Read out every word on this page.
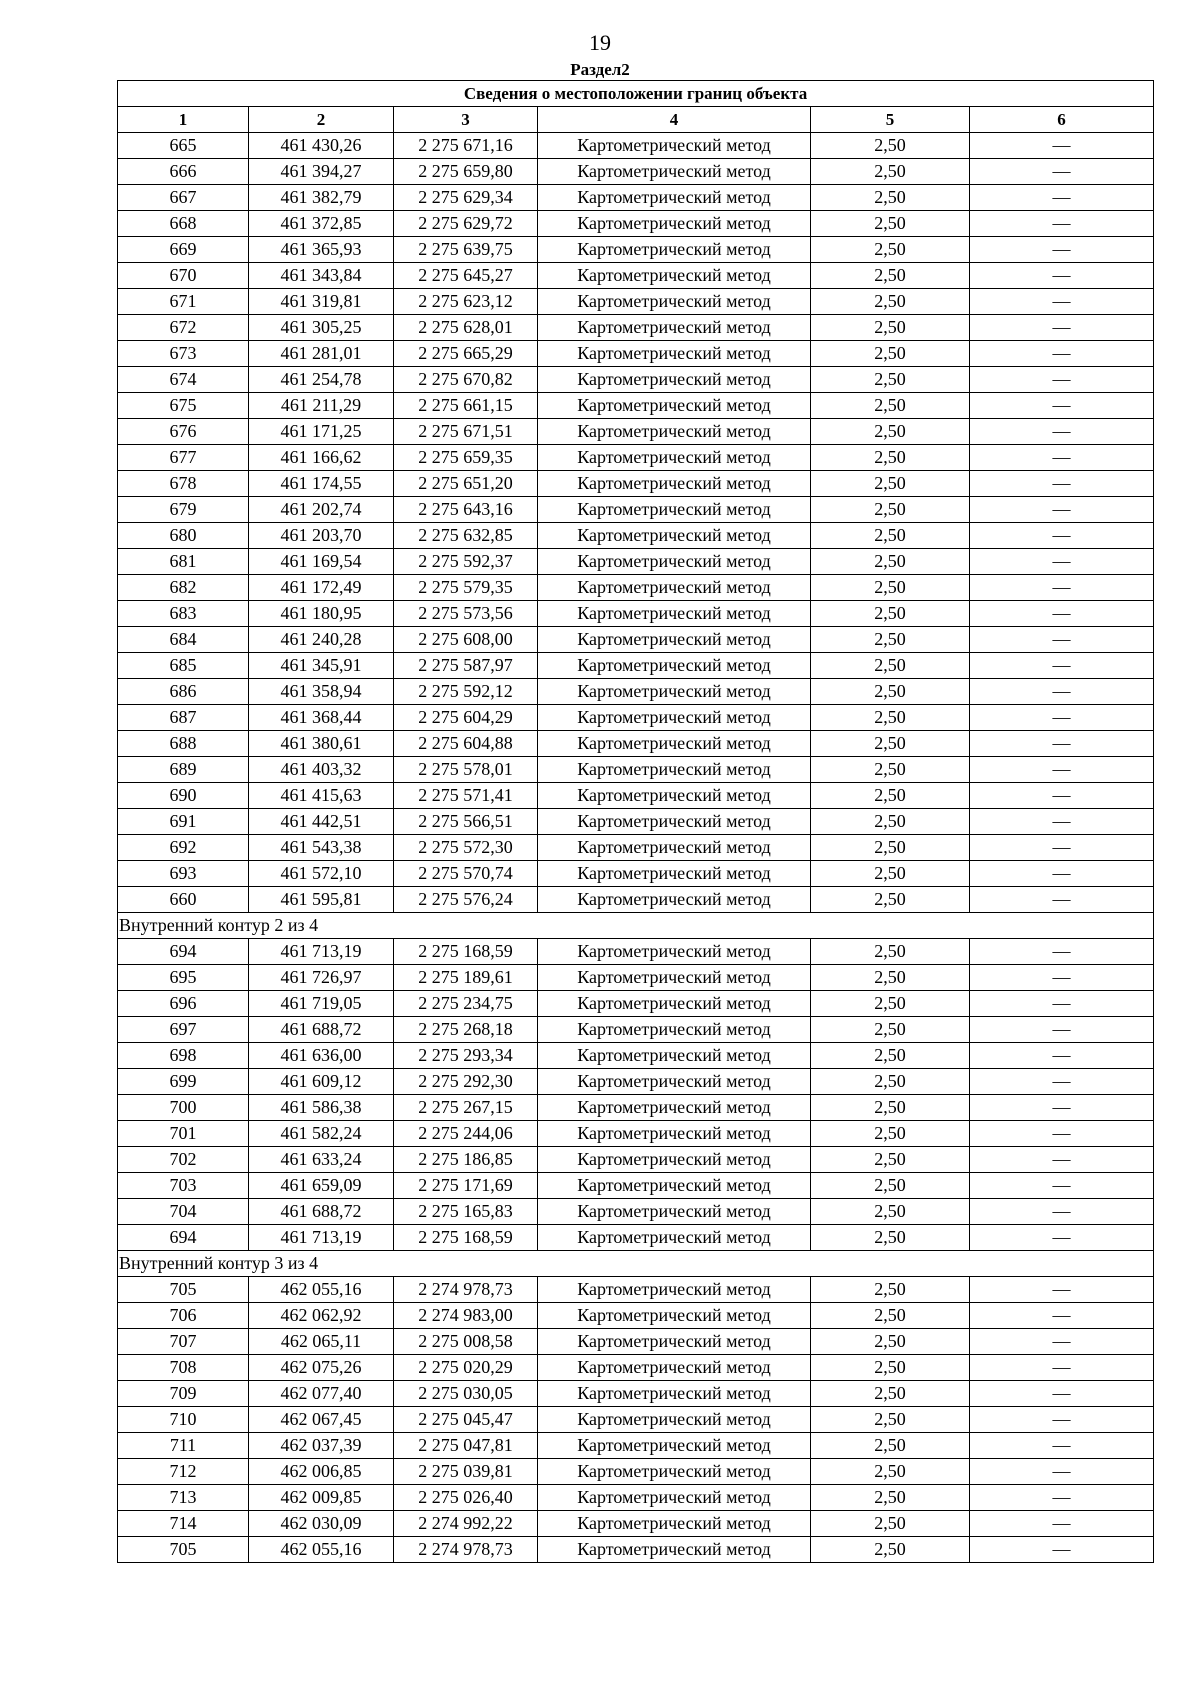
19
Раздел2
Сведения о местоположении границ объекта					
1	2	3	4	5	6
665	461 430,26	2 275 671,16	Картометрический метод	2,50	—
666	461 394,27	2 275 659,80	Картометрический метод	2,50	—
667	461 382,79	2 275 629,34	Картометрический метод	2,50	—
668	461 372,85	2 275 629,72	Картометрический метод	2,50	—
669	461 365,93	2 275 639,75	Картометрический метод	2,50	—
670	461 343,84	2 275 645,27	Картометрический метод	2,50	—
671	461 319,81	2 275 623,12	Картометрический метод	2,50	—
672	461 305,25	2 275 628,01	Картометрический метод	2,50	—
673	461 281,01	2 275 665,29	Картометрический метод	2,50	—
674	461 254,78	2 275 670,82	Картометрический метод	2,50	—
675	461 211,29	2 275 661,15	Картометрический метод	2,50	—
676	461 171,25	2 275 671,51	Картометрический метод	2,50	—
677	461 166,62	2 275 659,35	Картометрический метод	2,50	—
678	461 174,55	2 275 651,20	Картометрический метод	2,50	—
679	461 202,74	2 275 643,16	Картометрический метод	2,50	—
680	461 203,70	2 275 632,85	Картометрический метод	2,50	—
681	461 169,54	2 275 592,37	Картометрический метод	2,50	—
682	461 172,49	2 275 579,35	Картометрический метод	2,50	—
683	461 180,95	2 275 573,56	Картометрический метод	2,50	—
684	461 240,28	2 275 608,00	Картометрический метод	2,50	—
685	461 345,91	2 275 587,97	Картометрический метод	2,50	—
686	461 358,94	2 275 592,12	Картометрический метод	2,50	—
687	461 368,44	2 275 604,29	Картометрический метод	2,50	—
688	461 380,61	2 275 604,88	Картометрический метод	2,50	—
689	461 403,32	2 275 578,01	Картометрический метод	2,50	—
690	461 415,63	2 275 571,41	Картометрический метод	2,50	—
691	461 442,51	2 275 566,51	Картометрический метод	2,50	—
692	461 543,38	2 275 572,30	Картометрический метод	2,50	—
693	461 572,10	2 275 570,74	Картометрический метод	2,50	—
660	461 595,81	2 275 576,24	Картометрический метод	2,50	—
Внутренний контур 2 из 4					
694	461 713,19	2 275 168,59	Картометрический метод	2,50	—
695	461 726,97	2 275 189,61	Картометрический метод	2,50	—
696	461 719,05	2 275 234,75	Картометрический метод	2,50	—
697	461 688,72	2 275 268,18	Картометрический метод	2,50	—
698	461 636,00	2 275 293,34	Картометрический метод	2,50	—
699	461 609,12	2 275 292,30	Картометрический метод	2,50	—
700	461 586,38	2 275 267,15	Картометрический метод	2,50	—
701	461 582,24	2 275 244,06	Картометрический метод	2,50	—
702	461 633,24	2 275 186,85	Картометрический метод	2,50	—
703	461 659,09	2 275 171,69	Картометрический метод	2,50	—
704	461 688,72	2 275 165,83	Картометрический метод	2,50	—
694	461 713,19	2 275 168,59	Картометрический метод	2,50	—
Внутренний контур 3 из 4					
705	462 055,16	2 274 978,73	Картометрический метод	2,50	—
706	462 062,92	2 274 983,00	Картометрический метод	2,50	—
707	462 065,11	2 275 008,58	Картометрический метод	2,50	—
708	462 075,26	2 275 020,29	Картометрический метод	2,50	—
709	462 077,40	2 275 030,05	Картометрический метод	2,50	—
710	462 067,45	2 275 045,47	Картометрический метод	2,50	—
711	462 037,39	2 275 047,81	Картометрический метод	2,50	—
712	462 006,85	2 275 039,81	Картометрический метод	2,50	—
713	462 009,85	2 275 026,40	Картометрический метод	2,50	—
714	462 030,09	2 274 992,22	Картометрический метод	2,50	—
705	462 055,16	2 274 978,73	Картометрический метод	2,50	—
